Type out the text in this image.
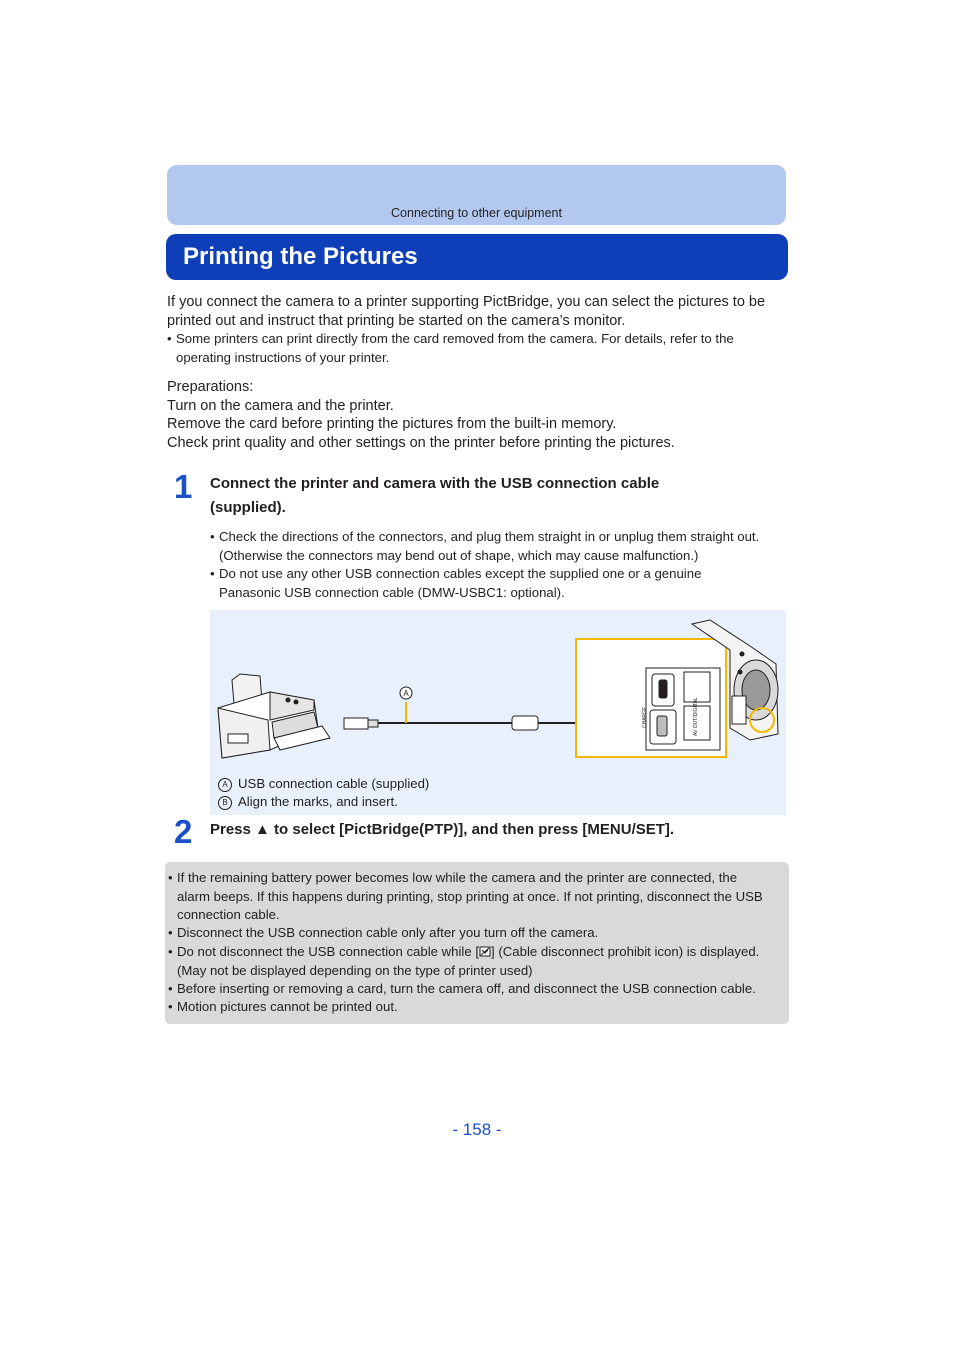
Connecting to other equipment
Printing the Pictures

If you connect the camera to a printer supporting PictBridge, you can select the pictures to be

printed out and instruct that printing be started on the camera’s monitor.

• Some printers can print directly from the card removed from the camera. For details, refer to the
operating instructions of your printer.

Preparations:

Turn on the camera and the printer.

Remove the card before printing the pictures from the built-in memory.

Check print quality and other settings on the printer before printing the pictures.

1 Connect the printer and camera with the USB connection cable
(supplied).
• Check the directions of the connectors, and plug them straight in or unplug them straight out.
(Otherwise the connectors may bend out of shape, which may cause malfunction.)
• Do not use any other USB connection cables except the supplied one or a genuine
Panasonic USB connection cable (DMW-USBC1: optional).
A
CHARGE	AV OUT/DIGITAL
A USB connection cable (supplied)
B Align the marks, and insert.
2 Press ▲ to select [PictBridge(PTP)], and then press [MENU/SET].
• If the remaining battery power becomes low while the camera and the printer are connected, the
alarm beeps. If this happens during printing, stop printing at once. If not printing, disconnect the USB
connection cable.
• Disconnect the USB connection cable only after you turn off the camera.
• Do not disconnect the USB connection cable while [ ] (Cable disconnect prohibit icon) is displayed.
(May not be displayed depending on the type of printer used)
• Before inserting or removing a card, turn the camera off, and disconnect the USB connection cable.
• Motion pictures cannot be printed out.
- 158 -
